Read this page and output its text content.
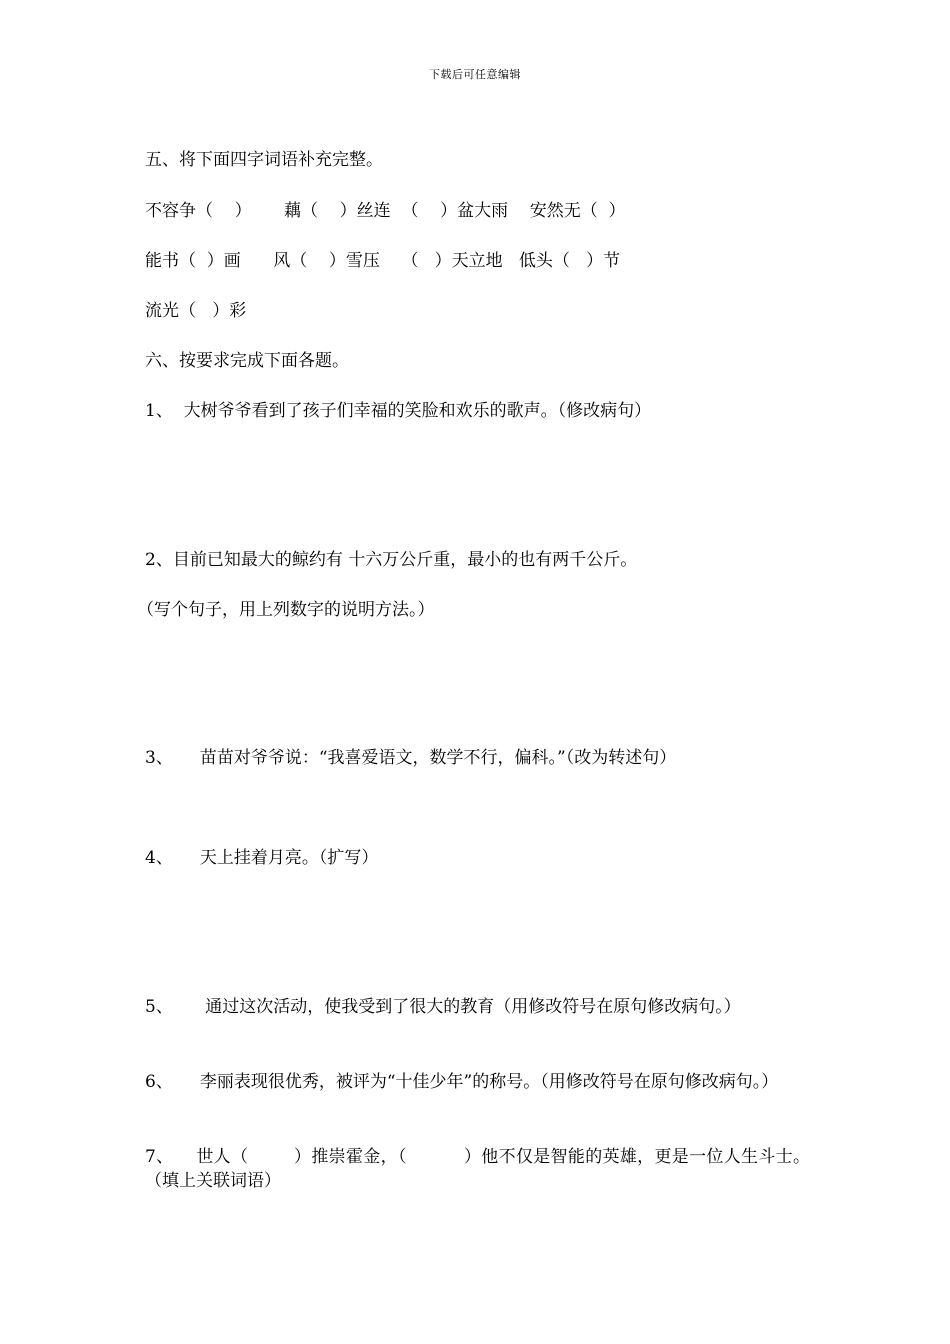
下载后可任意编辑
五、将下面四字词语补充完整。
不容争（    ）      藕（    ）丝连  （    ）盆大雨    安然无（  ）
能书（  ）画      风（    ）雪压    （   ）天立地   低头（   ）节
流光（   ）彩
六、按要求完成下面各题。
1、  大树爷爷看到了孩子们幸福的笑脸和欢乐的歌声。（修改病句）
2、目前已知最大的鲸约有 十六万公斤重，最小的也有两千公斤。
（写个句子，用上列数字的说明方法。）
3、     苗苗对爷爷说：“我喜爱语文，数学不行，偏科。”（改为转述句）
4、     天上挂着月亮。（扩写）
5、      通过这次活动，使我受到了很大的教育（用修改符号在原句修改病句。）
6、     李丽表现很优秀，被评为“十佳少年”的称号。（用修改符号在原句修改病句。）
7、    世人（        ）推崇霍金，（          ）他不仅是智能的英雄，更是一位人生斗士。（填上关联词语）
